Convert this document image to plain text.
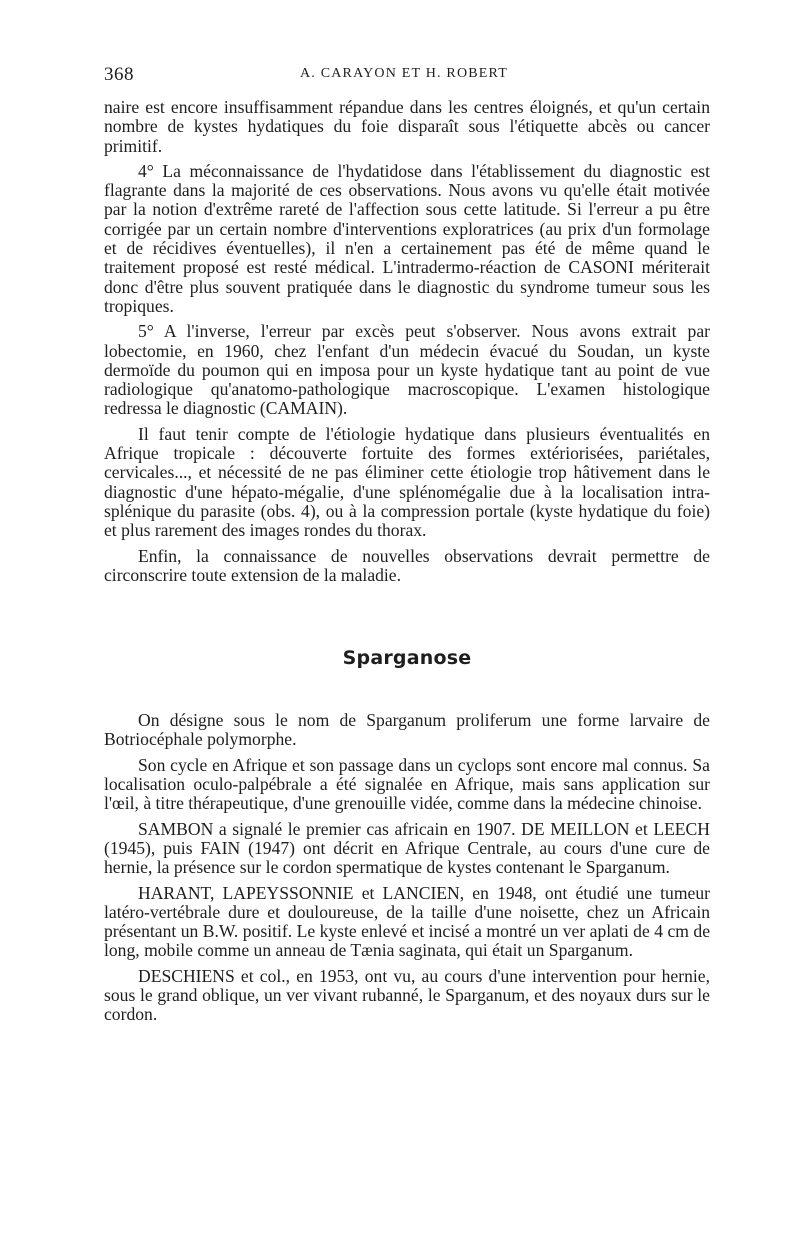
368	A. CARAYON ET H. ROBERT

naire est encore insuffisamment répandue dans les centres éloignés, et qu'un certain nombre de kystes hydatiques du foie disparaît sous l'étiquette abcès ou cancer primitif.

4° La méconnaissance de l'hydatidose dans l'établissement du diagnostic est flagrante dans la majorité de ces observations. Nous avons vu qu'elle était motivée par la notion d'extrême rareté de l'affection sous cette latitude. Si l'erreur a pu être corrigée par un certain nombre d'interventions exploratrices (au prix d'un formolage et de récidives éventuelles), il n'en a certainement pas été de même quand le traitement proposé est resté médical. L'intradermo-réaction de CASONI mériterait donc d'être plus souvent pratiquée dans le diagnostic du syndrome tumeur sous les tropiques.

5° A l'inverse, l'erreur par excès peut s'observer. Nous avons extrait par lobectomie, en 1960, chez l'enfant d'un médecin évacué du Soudan, un kyste dermoïde du poumon qui en imposa pour un kyste hydatique tant au point de vue radiologique qu'anatomo-pathologique macroscopique. L'examen histologique redressa le diagnostic (CAMAIN).

Il faut tenir compte de l'étiologie hydatique dans plusieurs éventualités en Afrique tropicale : découverte fortuite des formes extériorisées, pariétales, cervicales..., et nécessité de ne pas éliminer cette étiologie trop hâtivement dans le diagnostic d'une hépato-mégalie, d'une splénomégalie due à la localisation intra-splénique du parasite (obs. 4), ou à la compression portale (kyste hydatique du foie) et plus rarement des images rondes du thorax.

Enfin, la connaissance de nouvelles observations devrait permettre de circonscrire toute extension de la maladie.

Sparganose

On désigne sous le nom de Sparganum proliferum une forme larvaire de Botriocéphale polymorphe.

Son cycle en Afrique et son passage dans un cyclops sont encore mal connus. Sa localisation oculo-palpébrale a été signalée en Afrique, mais sans application sur l'œil, à titre thérapeutique, d'une grenouille vidée, comme dans la médecine chinoise.

SAMBON a signalé le premier cas africain en 1907. DE MEILLON et LEECH (1945), puis FAIN (1947) ont décrit en Afrique Centrale, au cours d'une cure de hernie, la présence sur le cordon spermatique de kystes contenant le Sparganum.

HARANT, LAPEYSSONNIE et LANCIEN, en 1948, ont étudié une tumeur latéro-vertébrale dure et douloureuse, de la taille d'une noisette, chez un Africain présentant un B.W. positif. Le kyste enlevé et incisé a montré un ver aplati de 4 cm de long, mobile comme un anneau de Tænia saginata, qui était un Sparganum.

DESCHIENS et col., en 1953, ont vu, au cours d'une intervention pour hernie, sous le grand oblique, un ver vivant rubanné, le Sparganum, et des noyaux durs sur le cordon.
